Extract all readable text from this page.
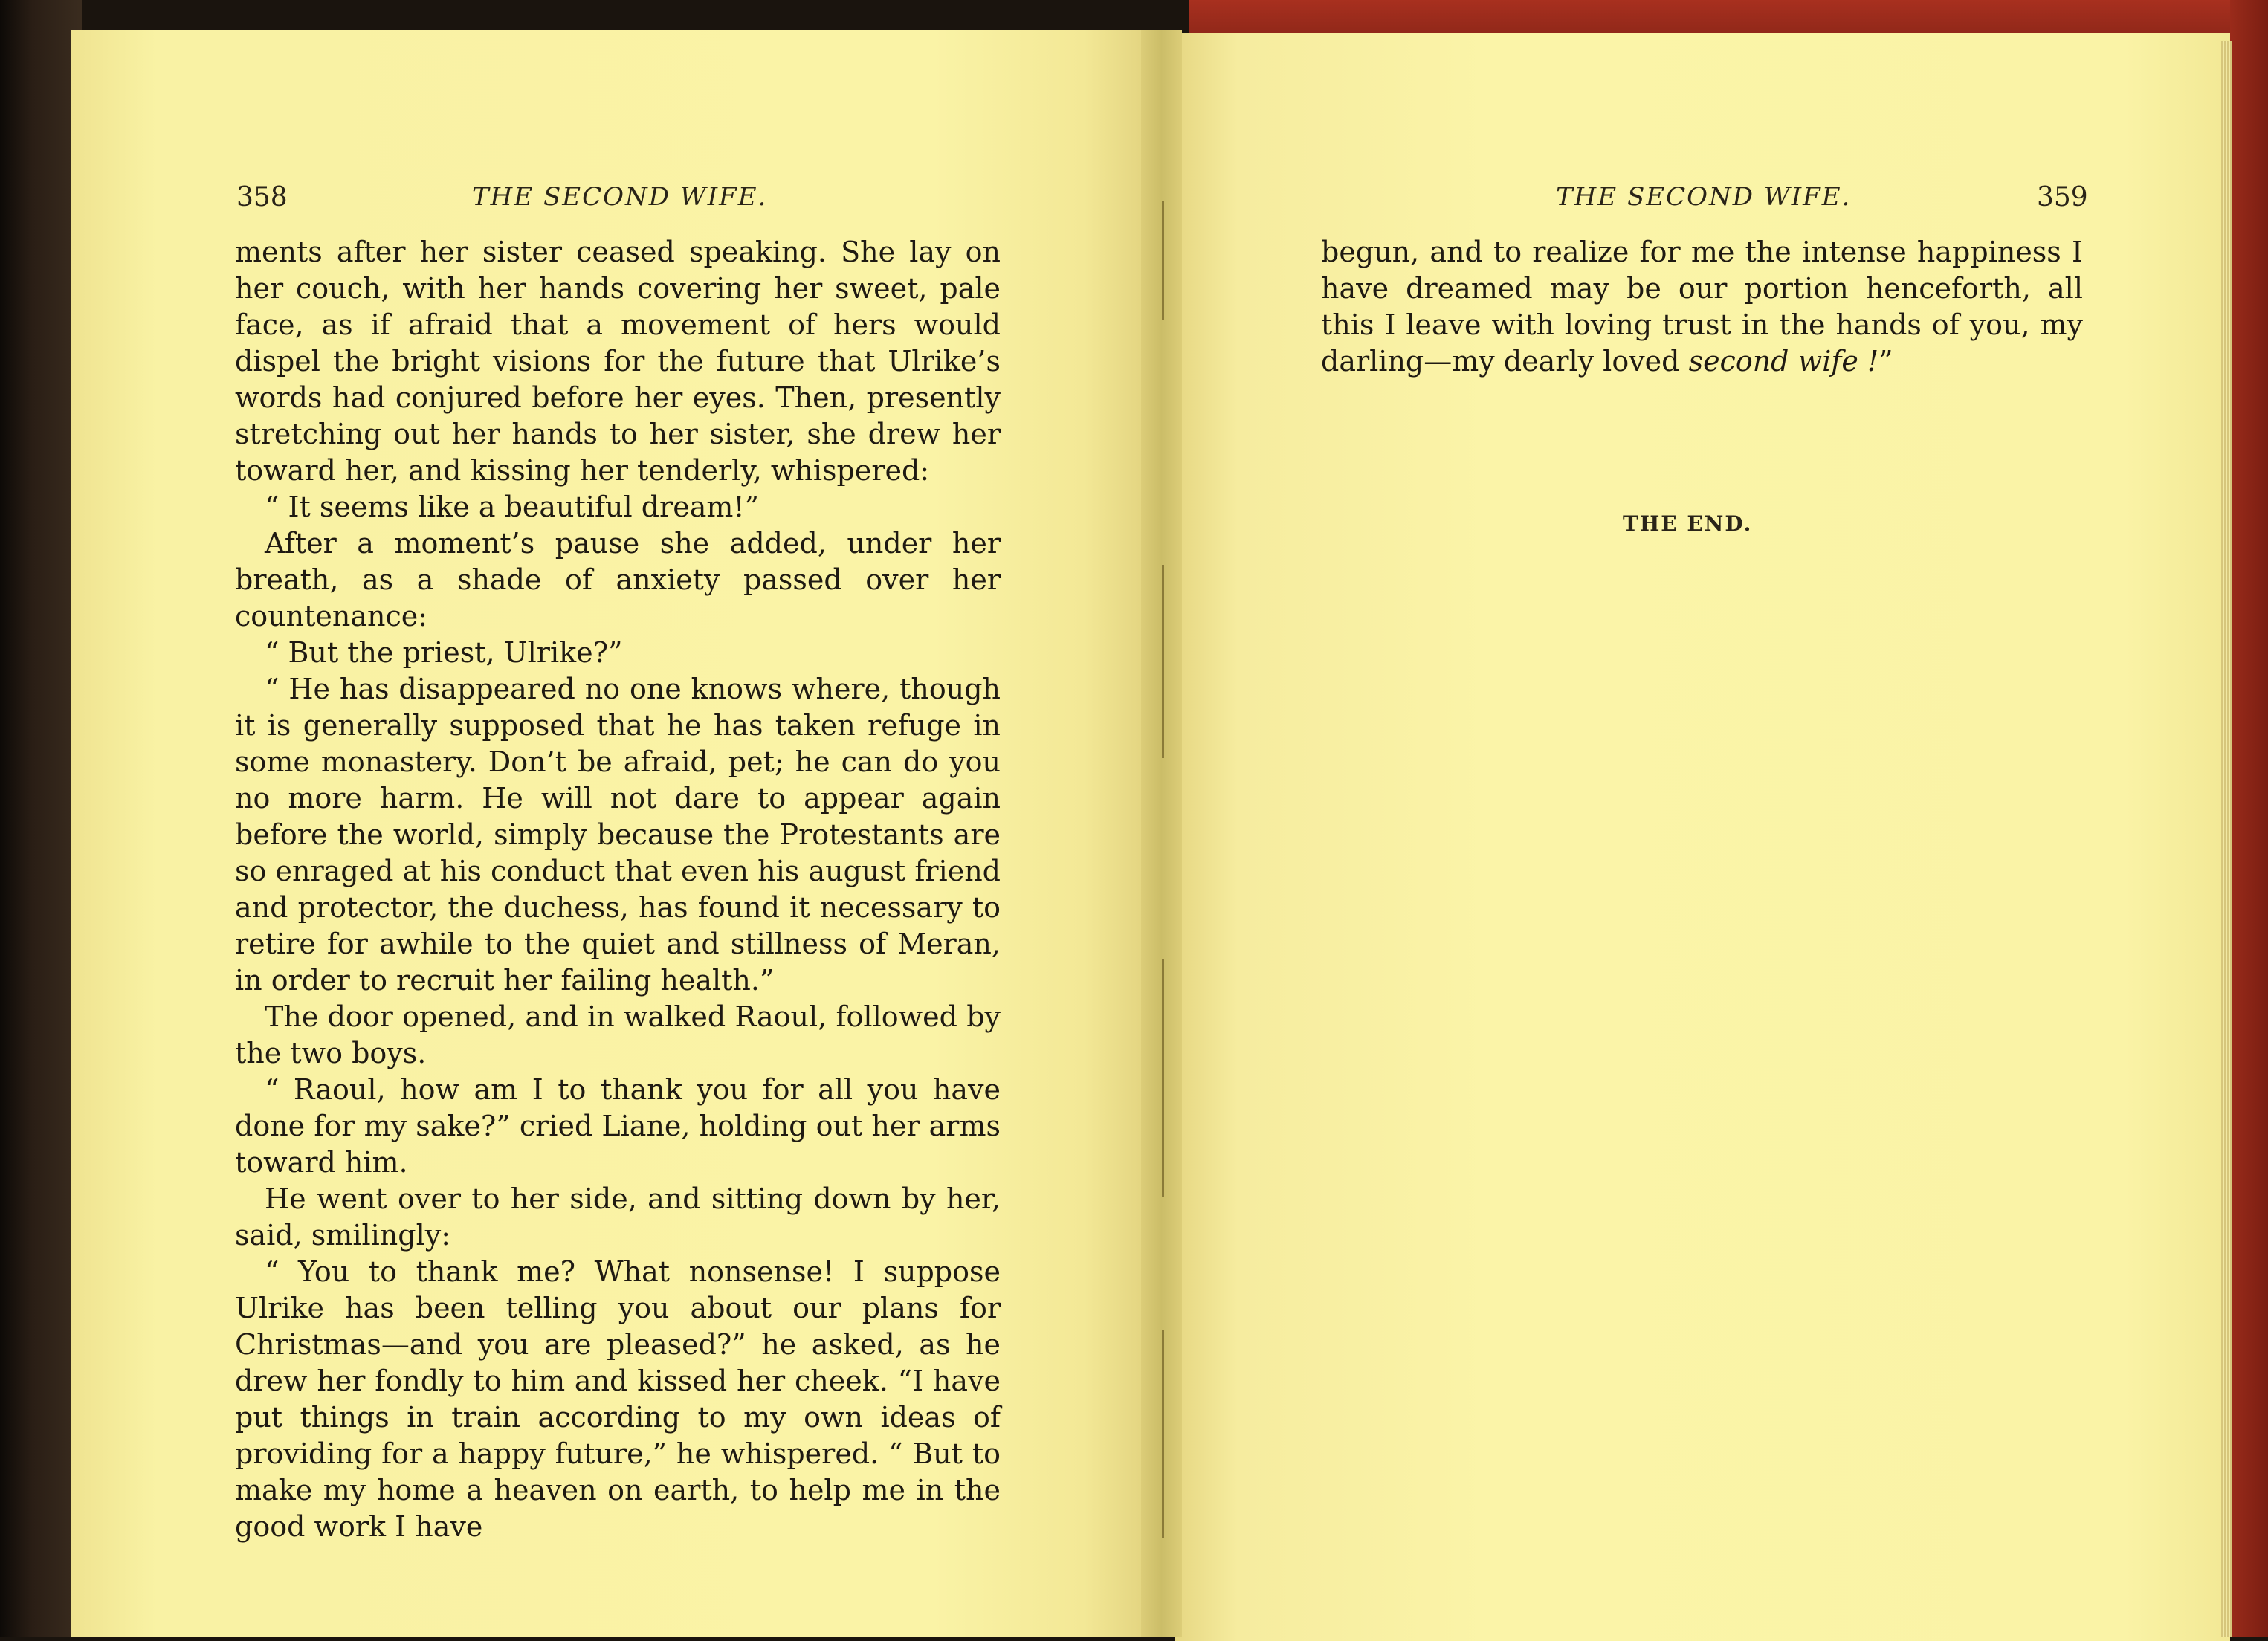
358	THE SECOND WIFE.

ments after her sister ceased speaking. She lay on her couch, with her hands covering her sweet, pale face, as if afraid that a movement of hers would dispel the bright visions for the future that Ulrike’s words had conjured before her eyes. Then, presently stretching out her hands to her sister, she drew her toward her, and kissing her tenderly, whispered:

“ It seems like a beautiful dream!”

After a moment’s pause she added, under her breath, as a shade of anxiety passed over her countenance:

“ But the priest, Ulrike?”

“ He has disappeared no one knows where, though it is generally supposed that he has taken refuge in some monastery. Don’t be afraid, pet; he can do you no more harm. He will not dare to appear again before the world, simply because the Protestants are so enraged at his conduct that even his august friend and protector, the duchess, has found it necessary to retire for awhile to the quiet and stillness of Meran, in order to recruit her failing health.”

The door opened, and in walked Raoul, followed by the two boys.

“ Raoul, how am I to thank you for all you have done for my sake?” cried Liane, holding out her arms toward him.

He went over to her side, and sitting down by her, said, smilingly:

“ You to thank me? What nonsense! I suppose Ulrike has been telling you about our plans for Christmas—and you are pleased?” he asked, as he drew her fondly to him and kissed her cheek. “I have put things in train according to my own ideas of providing for a happy future,” he whispered. “ But to make my home a heaven on earth, to help me in the good work I have

THE SECOND WIFE.	359

begun, and to realize for me the intense happiness I have dreamed may be our portion henceforth, all this I leave with loving trust in the hands of you, my darling—my dearly loved second wife !”

THE END.
